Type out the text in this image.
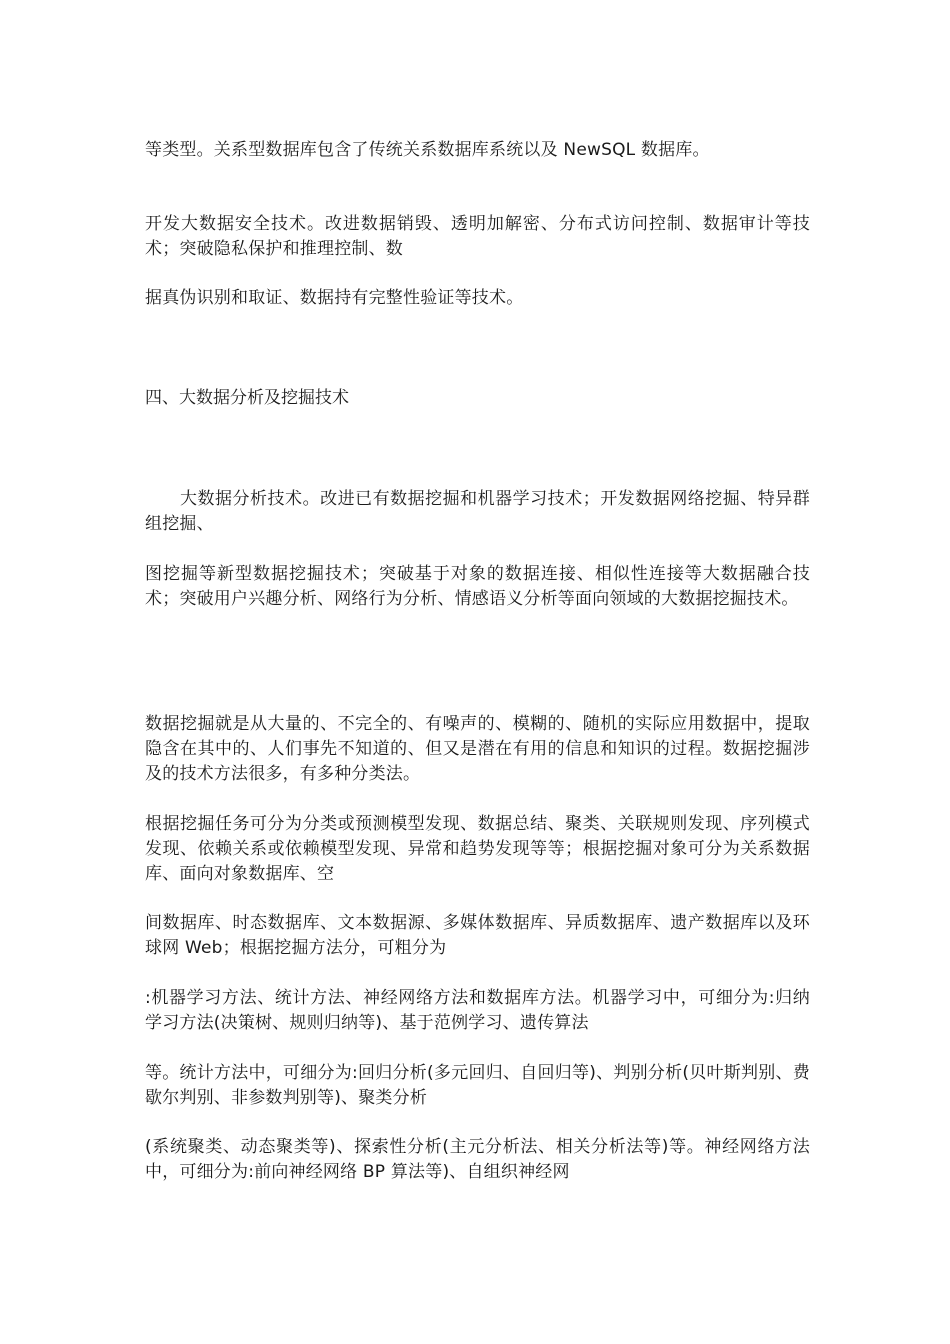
等类型。关系型数据库包含了传统关系数据库系统以及 NewSQL 数据库。

开发大数据安全技术。改进数据销毁、透明加解密、分布式访问控制、数据审计等技术；突破隐私保护和推理控制、数

据真伪识别和取证、数据持有完整性验证等技术。

四、大数据分析及挖掘技术

　　大数据分析技术。改进已有数据挖掘和机器学习技术；开发数据网络挖掘、特异群组挖掘、

图挖掘等新型数据挖掘技术；突破基于对象的数据连接、相似性连接等大数据融合技术；突破用户兴趣分析、网络行为分析、情感语义分析等面向领域的大数据挖掘技术。

数据挖掘就是从大量的、不完全的、有噪声的、模糊的、随机的实际应用数据中，提取隐含在其中的、人们事先不知道的、但又是潜在有用的信息和知识的过程。数据挖掘涉及的技术方法很多，有多种分类法。

根据挖掘任务可分为分类或预测模型发现、数据总结、聚类、关联规则发现、序列模式发现、依赖关系或依赖模型发现、异常和趋势发现等等；根据挖掘对象可分为关系数据库、面向对象数据库、空

间数据库、时态数据库、文本数据源、多媒体数据库、异质数据库、遗产数据库以及环球网 Web；根据挖掘方法分，可粗分为

:机器学习方法、统计方法、神经网络方法和数据库方法。机器学习中，可细分为:归纳学习方法(决策树、规则归纳等)、基于范例学习、遗传算法

等。统计方法中，可细分为:回归分析(多元回归、自回归等)、判别分析(贝叶斯判别、费歇尔判别、非参数判别等)、聚类分析

(系统聚类、动态聚类等)、探索性分析(主元分析法、相关分析法等)等。神经网络方法中，可细分为:前向神经网络 BP 算法等)、自组织神经网
